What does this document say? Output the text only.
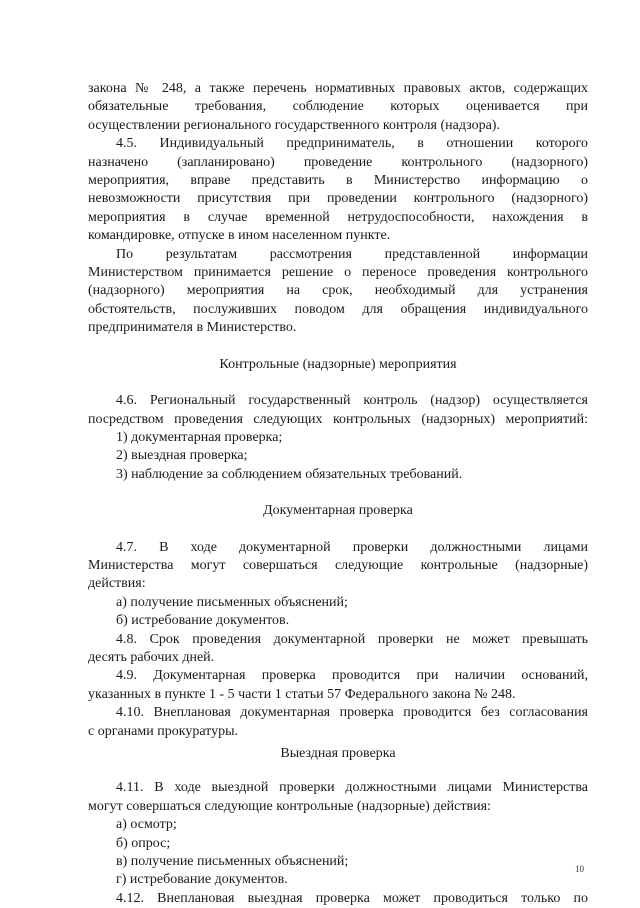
закона № 248, а также перечень нормативных правовых актов, содержащих
обязательные требования, соблюдение которых оценивается при
осуществлении регионального государственного контроля (надзора).
4.5. Индивидуальный предприниматель, в отношении которого
назначено (запланировано) проведение контрольного (надзорного)
мероприятия, вправе представить в Министерство информацию о
невозможности присутствия при проведении контрольного (надзорного)
мероприятия в случае временной нетрудоспособности, нахождения в
командировке, отпуске в ином населенном пункте.
По результатам рассмотрения представленной информации
Министерством принимается решение о переносе проведения контрольного
(надзорного) мероприятия на срок, необходимый для устранения
обстоятельств, послуживших поводом для обращения индивидуального
предпринимателя в Министерство.
Контрольные (надзорные) мероприятия
4.6. Региональный государственный контроль (надзор) осуществляется
посредством проведения следующих контрольных (надзорных) мероприятий:
1) документарная проверка;
2) выездная проверка;
3) наблюдение за соблюдением обязательных требований.
Документарная проверка
4.7. В ходе документарной проверки должностными лицами
Министерства могут совершаться следующие контрольные (надзорные)
действия:
а) получение письменных объяснений;
б) истребование документов.
4.8. Срок проведения документарной проверки не может превышать
десять рабочих дней.
4.9. Документарная проверка проводится при наличии оснований,
указанных в пункте 1 - 5 части 1 статьи 57 Федерального закона № 248.
4.10. Внеплановая документарная проверка проводится без согласования
с органами прокуратуры.
Выездная проверка
4.11. В ходе выездной проверки должностными лицами Министерства
могут совершаться следующие контрольные (надзорные) действия:
а) осмотр;
б) опрос;
в) получение письменных объяснений;
г) истребование документов.
4.12. Внеплановая выездная проверка может проводиться только по
10
